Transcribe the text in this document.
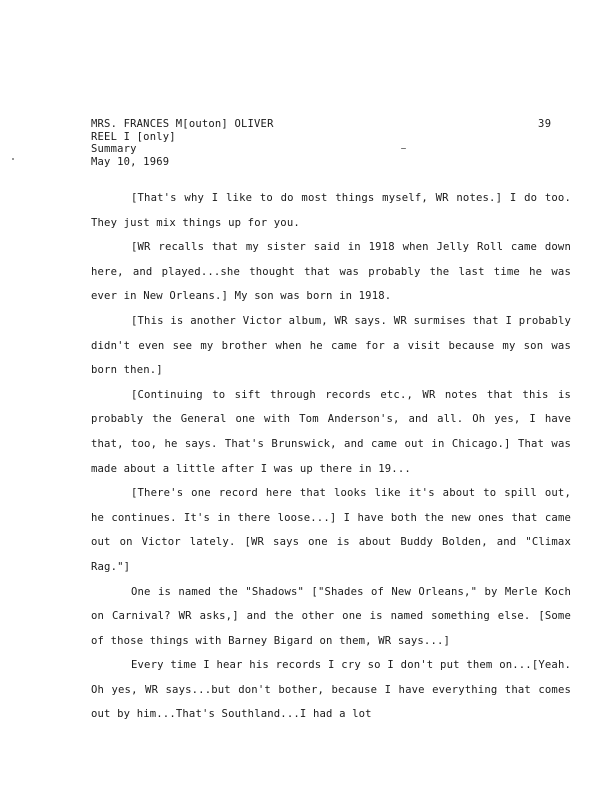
MRS. FRANCES M[outon] OLIVER
REEL I [only]
Summary
May 10, 1969
39

[That's why I like to do most things myself, WR notes.] I do too. They just mix things up for you.

[WR recalls that my sister said in 1918 when Jelly Roll came down here, and played...she thought that was probably the last time he was ever in New Orleans.] My son was born in 1918.

[This is another Victor album, WR says. WR surmises that I probably didn't even see my brother when he came for a visit because my son was born then.]

[Continuing to sift through records etc., WR notes that this is probably the General one with Tom Anderson's, and all. Oh yes, I have that, too, he says. That's Brunswick, and came out in Chicago.] That was made about a little after I was up there in 19...

[There's one record here that looks like it's about to spill out, he continues. It's in there loose...] I have both the new ones that came out on Victor lately. [WR says one is about Buddy Bolden, and "Climax Rag."]

One is named the "Shadows" ["Shades of New Orleans," by Merle Koch on Carnival? WR asks,] and the other one is named something else. [Some of those things with Barney Bigard on them, WR says...]

Every time I hear his records I cry so I don't put them on...[Yeah. Oh yes, WR says...but don't bother, because I have everything that comes out by him...That's Southland...I had a lot
